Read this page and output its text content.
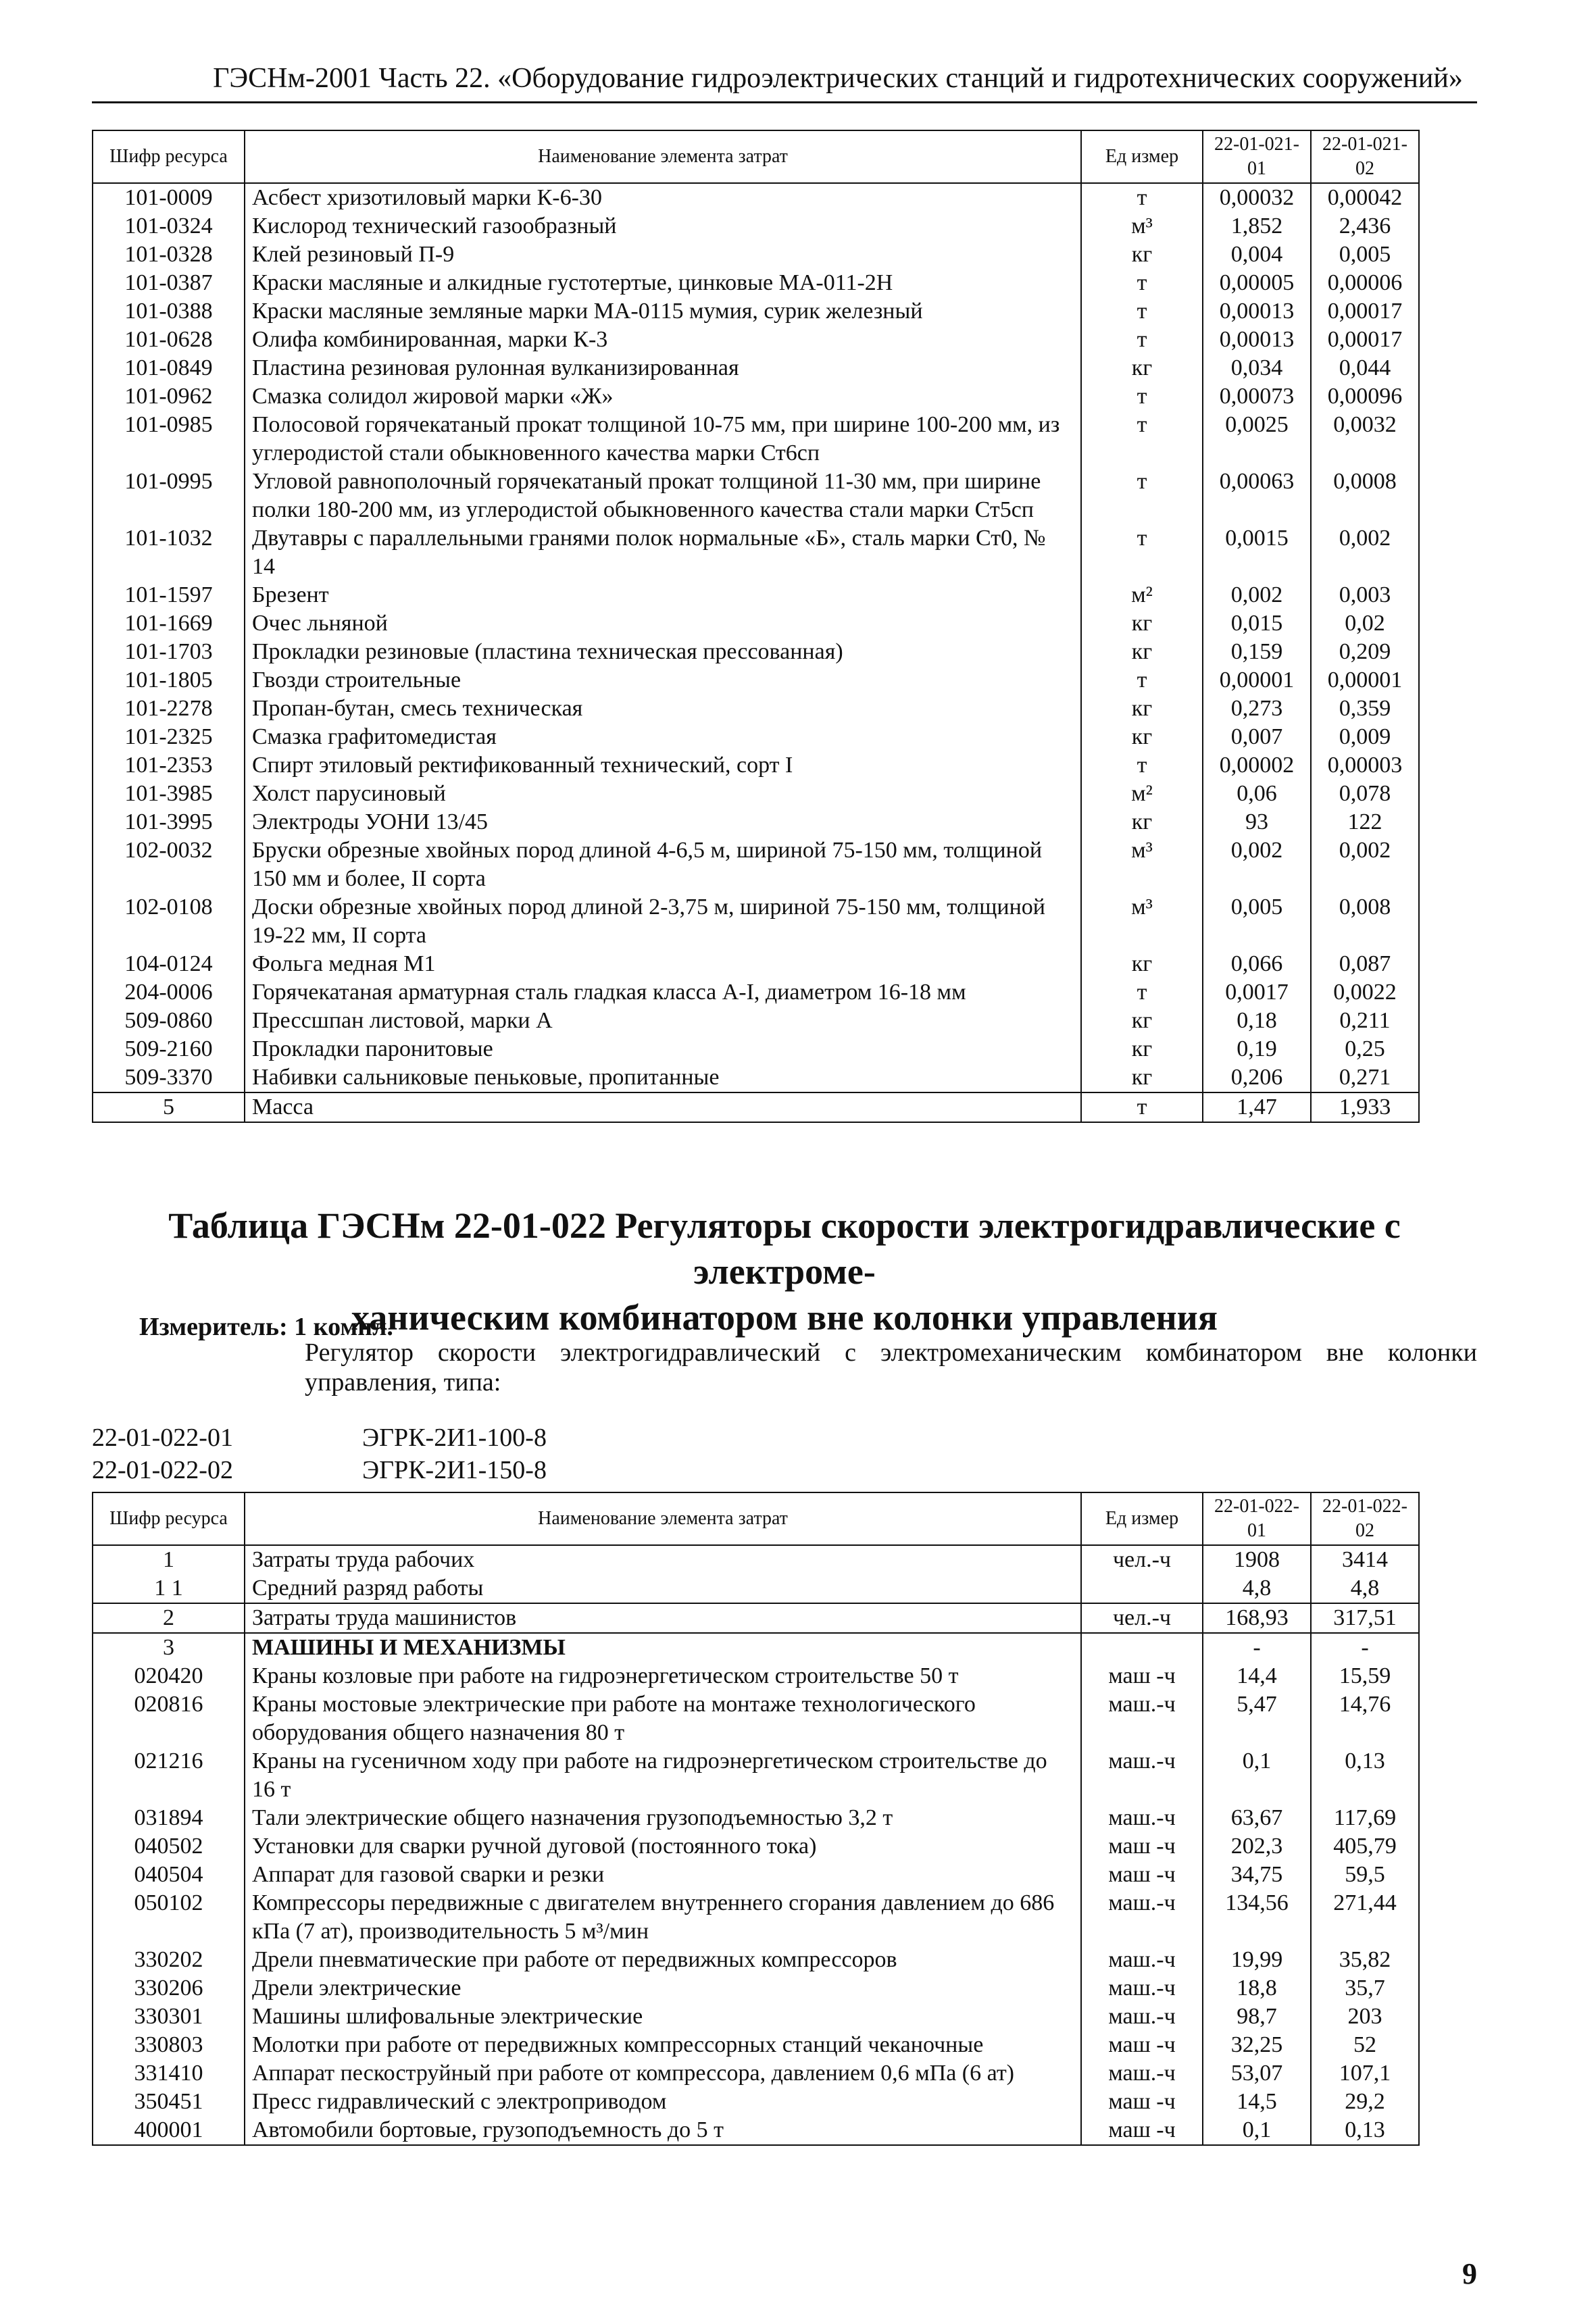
ГЭСНм-2001 Часть 22. «Оборудование гидроэлектрических станций и гидротехнических сооружений»
Шифр ресурса	Наименование элемента затрат	Ед измер	22-01-021-01	22-01-021-02
101-0009	Асбест хризотиловый марки К-6-30	т	0,00032	0,00042
101-0324	Кислород технический газообразный	м³	1,852	2,436
101-0328	Клей резиновый П-9	кг	0,004	0,005
101-0387	Краски масляные и алкидные густотертые, цинковые МА-011-2Н	т	0,00005	0,00006
101-0388	Краски масляные земляные марки МА-0115 мумия, сурик железный	т	0,00013	0,00017
101-0628	Олифа комбинированная, марки К-3	т	0,00013	0,00017
101-0849	Пластина резиновая рулонная вулканизированная	кг	0,034	0,044
101-0962	Смазка солидол жировой марки «Ж»	т	0,00073	0,00096
101-0985	Полосовой горячекатаный прокат толщиной 10-75 мм, при ширине 100-200 мм, из углеродистой стали обыкновенного качества марки Ст6сп	т	0,0025	0,0032
101-0995	Угловой равнополочный горячекатаный прокат толщиной 11-30 мм, при ширине полки 180-200 мм, из углеродистой обыкновенного качества стали марки Ст5сп	т	0,00063	0,0008
101-1032	Двутавры с параллельными гранями полок нормальные «Б», сталь марки Ст0, № 14	т	0,0015	0,002
101-1597	Брезент	м²	0,002	0,003
101-1669	Очес льняной	кг	0,015	0,02
101-1703	Прокладки резиновые (пластина техническая прессованная)	кг	0,159	0,209
101-1805	Гвозди строительные	т	0,00001	0,00001
101-2278	Пропан-бутан, смесь техническая	кг	0,273	0,359
101-2325	Смазка графитомедистая	кг	0,007	0,009
101-2353	Спирт этиловый ректификованный технический, сорт I	т	0,00002	0,00003
101-3985	Холст парусиновый	м²	0,06	0,078
101-3995	Электроды УОНИ 13/45	кг	93	122
102-0032	Бруски обрезные хвойных пород длиной 4-6,5 м, шириной 75-150 мм, толщиной 150 мм и более, II сорта	м³	0,002	0,002
102-0108	Доски обрезные хвойных пород длиной 2-3,75 м, шириной 75-150 мм, толщиной 19-22 мм, II сорта	м³	0,005	0,008
104-0124	Фольга медная М1	кг	0,066	0,087
204-0006	Горячекатаная арматурная сталь гладкая класса А-I, диаметром 16-18 мм	т	0,0017	0,0022
509-0860	Прессшпан листовой, марки А	кг	0,18	0,211
509-2160	Прокладки паронитовые	кг	0,19	0,25
509-3370	Набивки сальниковые пеньковые, пропитанные	кг	0,206	0,271
5	Масса	т	1,47	1,933
Таблица ГЭСНм 22-01-022 Регуляторы скорости электрогидравлические с электроме-
ханическим комбинатором вне колонки управления
Измеритель: 1 компл.
Регулятор скорости электрогидравлический с электромеханическим комбинатором вне колонки управления, типа:
22-01-022-01	ЭГРК-2И1-100-8
22-01-022-02	ЭГРК-2И1-150-8
Шифр ресурса	Наименование элемента затрат	Ед измер	22-01-022-01	22-01-022-02
1	Затраты труда рабочих	чел.-ч	1908	3414
1 1	Средний разряд работы		4,8	4,8
2	Затраты труда машинистов	чел.-ч	168,93	317,51
3	МАШИНЫ И МЕХАНИЗМЫ		-	-
020420	Краны козловые при работе на гидроэнергетическом строительстве 50 т	маш -ч	14,4	15,59
020816	Краны мостовые электрические при работе на монтаже технологического оборудования общего назначения 80 т	маш.-ч	5,47	14,76
021216	Краны на гусеничном ходу при работе на гидроэнергетическом строительстве до 16 т	маш.-ч	0,1	0,13
031894	Тали электрические общего назначения грузоподъемностью 3,2 т	маш.-ч	63,67	117,69
040502	Установки для сварки ручной дуговой (постоянного тока)	маш -ч	202,3	405,79
040504	Аппарат для газовой сварки и резки	маш -ч	34,75	59,5
050102	Компрессоры передвижные с двигателем внутреннего сгорания давлением до 686 кПа (7 ат), производительность 5 м³/мин	маш.-ч	134,56	271,44
330202	Дрели пневматические при работе от передвижных компрессоров	маш.-ч	19,99	35,82
330206	Дрели электрические	маш.-ч	18,8	35,7
330301	Машины шлифовальные электрические	маш.-ч	98,7	203
330803	Молотки при работе от передвижных компрессорных станций чеканочные	маш -ч	32,25	52
331410	Аппарат пескоструйный при работе от компрессора, давлением 0,6 мПа (6 ат)	маш.-ч	53,07	107,1
350451	Пресс гидравлический с электроприводом	маш -ч	14,5	29,2
400001	Автомобили бортовые, грузоподъемность до 5 т	маш -ч	0,1	0,13
9
